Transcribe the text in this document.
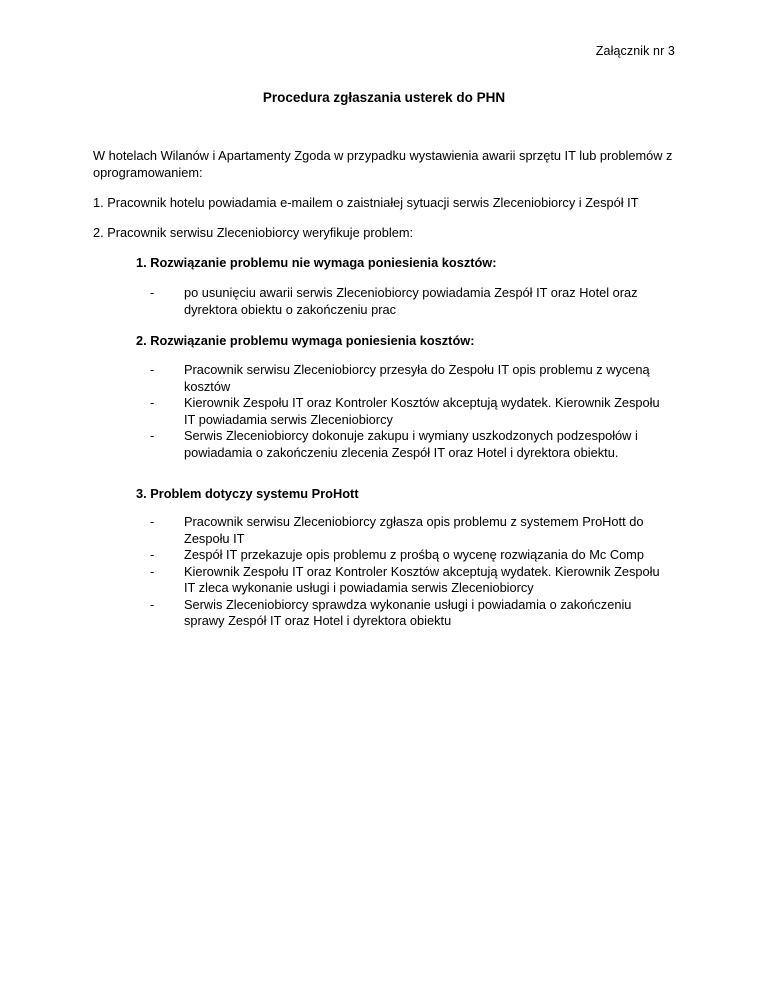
Załącznik nr 3
Procedura zgłaszania usterek do PHN
W hotelach Wilanów i Apartamenty Zgoda w przypadku wystawienia awarii sprzętu IT lub problemów z oprogramowaniem:
1. Pracownik hotelu powiadamia e-mailem o zaistniałej sytuacji serwis Zleceniobiorcy i Zespół IT
2. Pracownik serwisu Zleceniobiorcy weryfikuje problem:
1. Rozwiązanie problemu nie wymaga poniesienia kosztów:
- po usunięciu awarii serwis Zleceniobiorcy powiadamia Zespół IT oraz Hotel oraz dyrektora obiektu o zakończeniu prac
2. Rozwiązanie problemu wymaga poniesienia kosztów:
- Pracownik serwisu Zleceniobiorcy przesyła do Zespołu IT opis problemu z wyceną kosztów
- Kierownik Zespołu IT oraz Kontroler Kosztów akceptują wydatek. Kierownik Zespołu IT powiadamia serwis Zleceniobiorcy
- Serwis Zleceniobiorcy dokonuje zakupu i wymiany uszkodzonych podzespołów i powiadamia o zakończeniu zlecenia Zespół IT oraz Hotel i dyrektora obiektu.
3. Problem dotyczy systemu ProHott
- Pracownik serwisu Zleceniobiorcy zgłasza opis problemu z systemem ProHott do Zespołu IT
- Zespół IT przekazuje opis problemu z prośbą o wycenę rozwiązania do Mc Comp
- Kierownik Zespołu IT oraz Kontroler Kosztów akceptują wydatek. Kierownik Zespołu IT zleca wykonanie usługi i powiadamia serwis Zleceniobiorcy
- Serwis Zleceniobiorcy sprawdza wykonanie usługi i powiadamia o zakończeniu sprawy Zespół IT oraz Hotel i dyrektora obiektu
